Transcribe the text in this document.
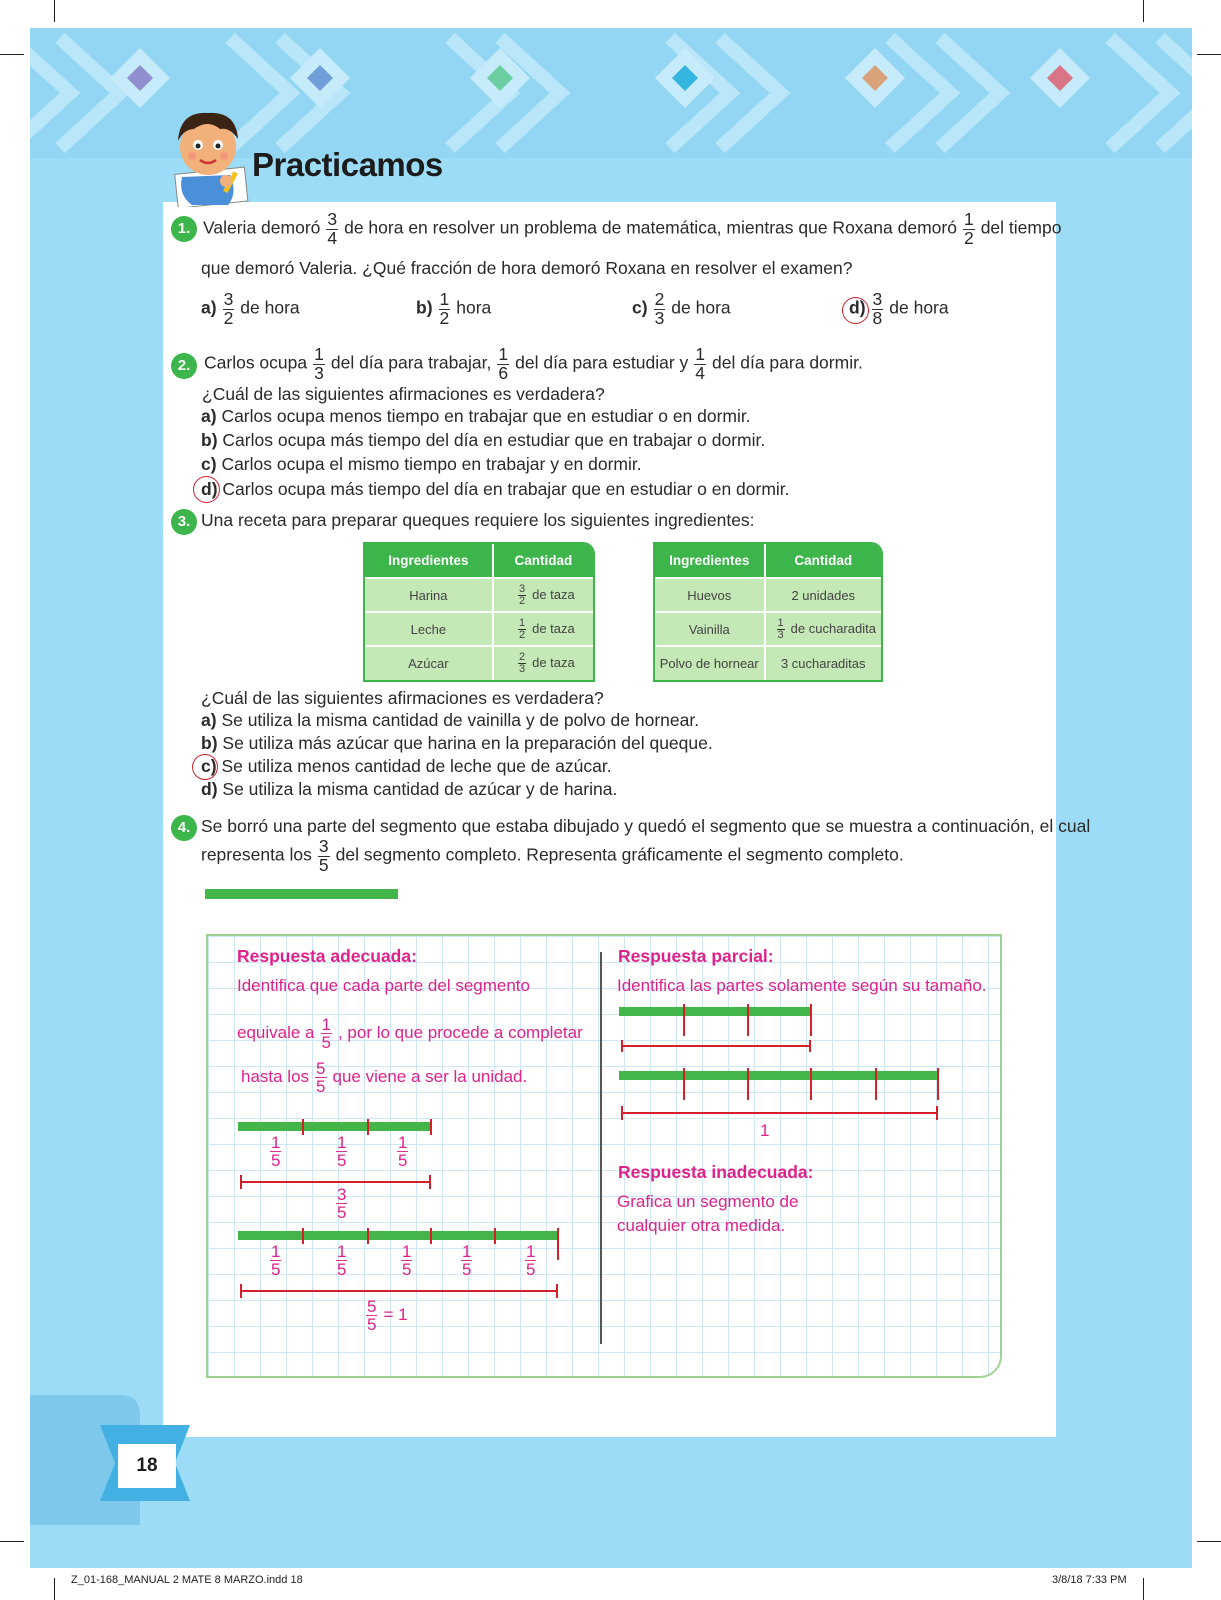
Practicamos
1. Valeria demoró $\frac{3}{4}$ de hora en resolver un problema de matemática, mientras que Roxana demoró $\frac{1}{2}$ del tiempo
que demoró Valeria. ¿Qué fracción de hora demoró Roxana en resolver el examen?
$a) \frac{3}{2}$ de hora	$b) \frac{1}{2}$ hora	$c) \frac{2}{3}$ de hora	$d) \frac{3}{8}$ de hora
2. Carlos ocupa $\frac{1}{3}$ del día para trabajar, $\frac{1}{6}$ del día para estudiar y $\frac{1}{4}$ del día para dormir.
¿Cuál de las siguientes afirmaciones es verdadera?
a) Carlos ocupa menos tiempo en trabajar que en estudiar o en dormir.
b) Carlos ocupa más tiempo del día en estudiar que en trabajar o dormir.
c) Carlos ocupa el mismo tiempo en trabajar y en dormir.
d) Carlos ocupa más tiempo del día en trabajar que en estudiar o en dormir.
3. Una receta para preparar queques requiere los siguientes ingredientes:
Ingredientes	Cantidad
Harina	$\frac{3}{2}$ de taza
Leche	$\frac{1}{2}$ de taza
Azúcar	$\frac{2}{3}$ de taza
Ingredientes	Cantidad
Huevos	2 unidades
Vainilla	$\frac{1}{3}$ de cucharadita
Polvo de hornear	3 cucharaditas
¿Cuál de las siguientes afirmaciones es verdadera?
a) Se utiliza la misma cantidad de vainilla y de polvo de hornear.
b) Se utiliza más azúcar que harina en la preparación del queque.
c) Se utiliza menos cantidad de leche que de azúcar.
d) Se utiliza la misma cantidad de azúcar y de harina.
4. Se borró una parte del segmento que estaba dibujado y quedó el segmento que se muestra a continuación, el cual
representa los $\frac{3}{5}$ del segmento completo. Representa gráficamente el segmento completo.
Respuesta adecuada:
Identifica que cada parte del segmento
equivale a $\frac{1}{5}$ , por lo que procede a completar
hasta los $\frac{5}{5}$ que viene a ser la unidad.
$\frac{1}{5}$	$\frac{1}{5}$	$\frac{1}{5}$
$\frac{3}{5}$
$\frac{1}{5}$	$\frac{1}{5}$	$\frac{1}{5}$	$\frac{1}{5}$	$\frac{1}{5}$
$\frac{5}{5} = 1$
Respuesta parcial:
Identifica las partes solamente según su tamaño.
1
Respuesta inadecuada:
Grafica un segmento de
cualquier otra medida.
18
Z_01-168_MANUAL 2 MATE 8 MARZO.indd 18	3/8/18 7:33 PM
